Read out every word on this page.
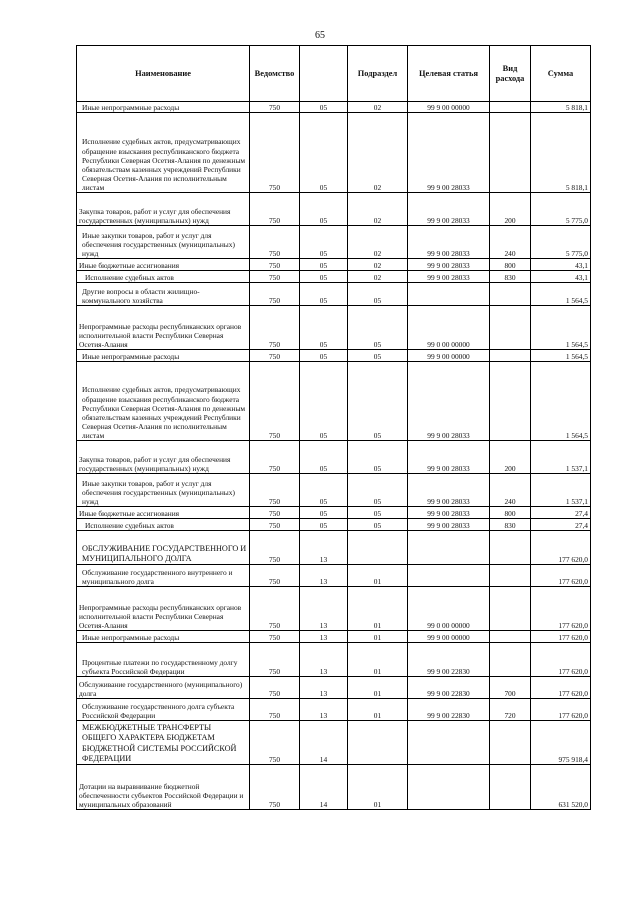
65
Наименование	Ведомство		Подраздел	Целевая статья	Вид расхода	Сумма
Иные непрограммные расходы	750	05	02	99 9 00 00000		5 818,1
Исполнение судебных актов, предусматривающих обращение взыскания республиканского бюджета Республики Северная Осетия-Алания по денежным обязательствам казенных учреждений Республики Северная Осетия-Алания по исполнительным листам	750	05	02	99 9 00 28033		5 818,1
Закупка товаров, работ и услуг для обеспечения государственных (муниципальных) нужд	750	05	02	99 9 00 28033	200	5 775,0
Иные закупки товаров, работ и услуг для обеспечения государственных (муниципальных) нужд	750	05	02	99 9 00 28033	240	5 775,0
Иные бюджетные ассигнования	750	05	02	99 9 00 28033	800	43,1
Исполнение судебных актов	750	05	02	99 9 00 28033	830	43,1
Другие вопросы в области жилищно-коммунального хозяйства	750	05	05			1 564,5
Непрограммные расходы республиканских органов исполнительной власти Республики Северная Осетия-Алания	750	05	05	99 0 00 00000		1 564,5
Иные непрограммные расходы	750	05	05	99 9 00 00000		1 564,5
Исполнение судебных актов, предусматривающих обращение взыскания республиканского бюджета Республики Северная Осетия-Алания по денежным обязательствам казенных учреждений Республики Северная Осетия-Алания по исполнительным листам	750	05	05	99 9 00 28033		1 564,5
Закупка товаров, работ и услуг для обеспечения государственных (муниципальных) нужд	750	05	05	99 9 00 28033	200	1 537,1
Иные закупки товаров, работ и услуг для обеспечения государственных (муниципальных) нужд	750	05	05	99 9 00 28033	240	1 537,1
Иные бюджетные ассигнования	750	05	05	99 9 00 28033	800	27,4
Исполнение судебных актов	750	05	05	99 9 00 28033	830	27,4
ОБСЛУЖИВАНИЕ ГОСУДАРСТВЕННОГО И МУНИЦИПАЛЬНОГО ДОЛГА	750	13				177 620,0
Обслуживание государственного внутреннего и муниципального долга	750	13	01			177 620,0
Непрограммные расходы республиканских органов исполнительной власти Республики Северная Осетия-Алания	750	13	01	99 0 00 00000		177 620,0
Иные непрограммные расходы	750	13	01	99 9 00 00000		177 620,0
Процентные платежи по государственному долгу субъекта Российской Федерации	750	13	01	99 9 00 22830		177 620,0
Обслуживание государственного (муниципального) долга	750	13	01	99 9 00 22830	700	177 620,0
Обслуживание государственного долга субъекта Российской Федерации	750	13	01	99 9 00 22830	720	177 620,0
МЕЖБЮДЖЕТНЫЕ ТРАНСФЕРТЫ ОБЩЕГО ХАРАКТЕРА БЮДЖЕТАМ БЮДЖЕТНОЙ СИСТЕМЫ РОССИЙСКОЙ ФЕДЕРАЦИИ	750	14				975 918,4
Дотации на выравнивание бюджетной обеспеченности субъектов Российской Федерации и муниципальных образований	750	14	01			631 520,0
